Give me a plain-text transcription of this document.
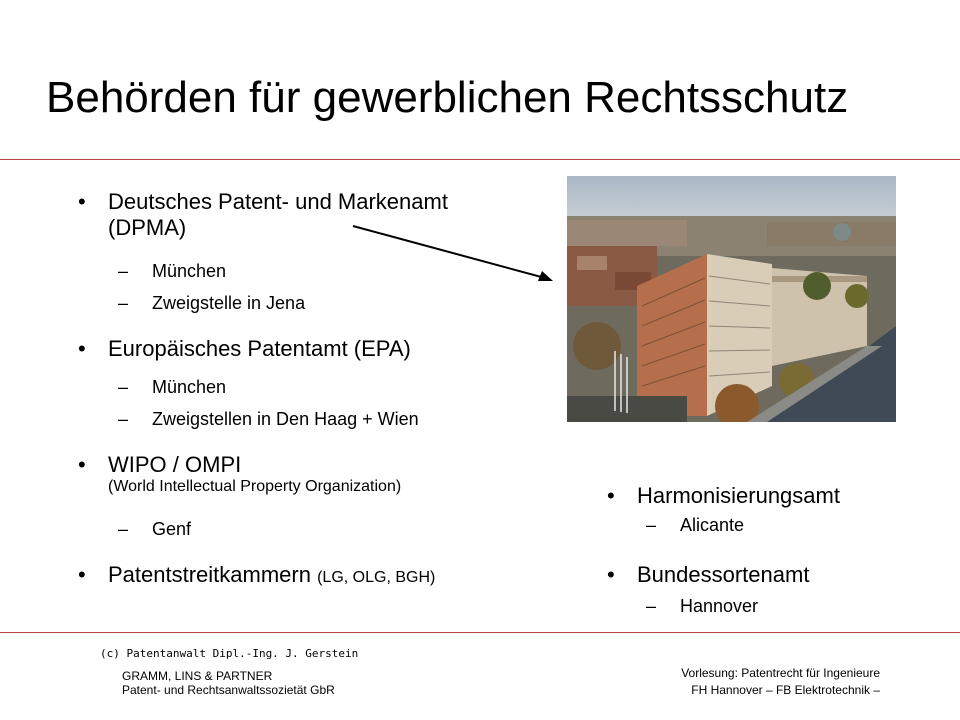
Behörden für gewerblichen Rechtsschutz
• Deutsches Patent- und Markenamt
(DPMA)
– München
– Zweigstelle in Jena
• Europäisches Patentamt (EPA)
– München
– Zweigstellen in Den Haag + Wien
• WIPO / OMPI
(World Intellectual Property Organization)
– Genf
• Patentstreitkammern (LG, OLG, BGH)
• Harmonisierungsamt
– Alicante
• Bundessortenamt
– Hannover
(c) Patentanwalt Dipl.-Ing. J. Gerstein
GRAMM, LINS & PARTNER
Patent- und Rechtsanwaltssozietät GbR
Vorlesung: Patentrecht für Ingenieure
FH Hannover – FB Elektrotechnik –
